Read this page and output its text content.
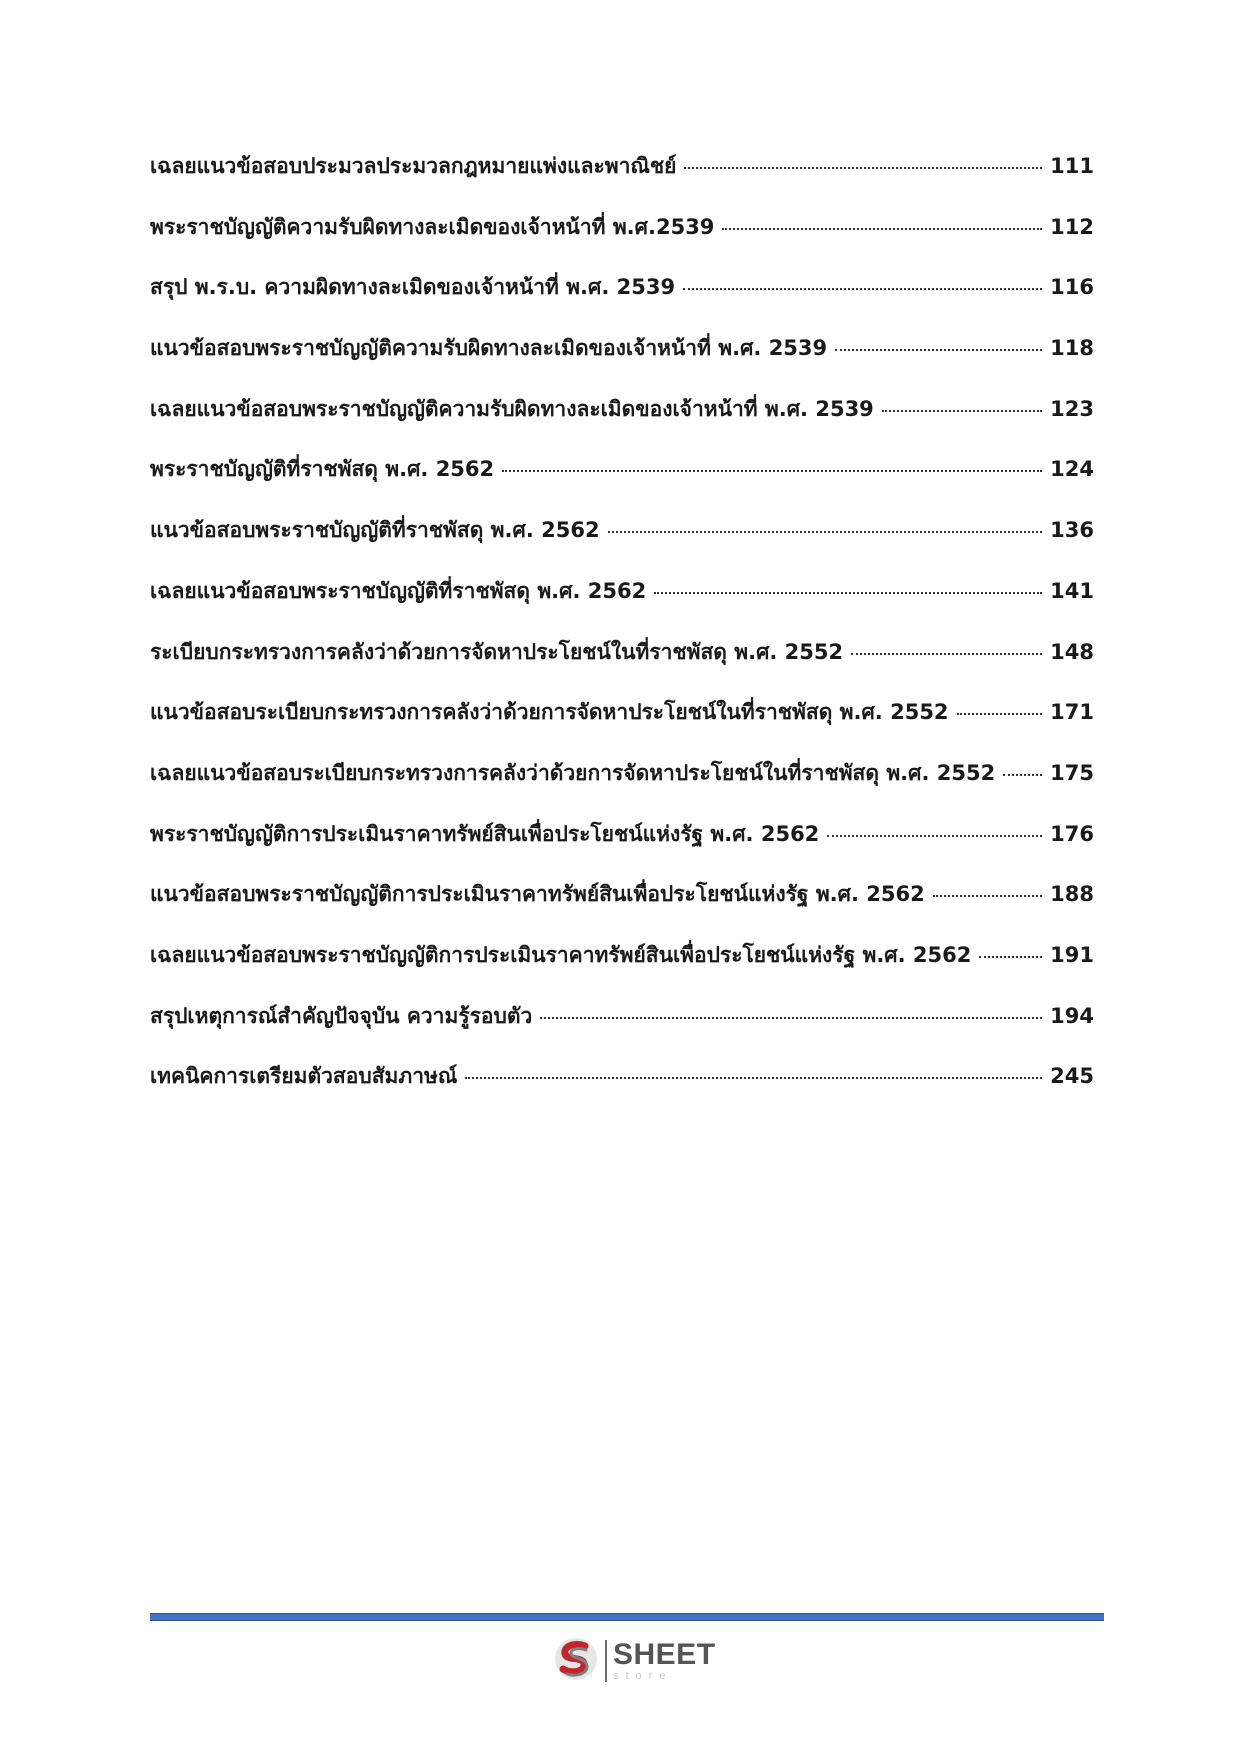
เฉลยแนวข้อสอบประมวลประมวลกฎหมายแพ่งและพาณิชย์	111
พระราชบัญญัติความรับผิดทางละเมิดของเจ้าหน้าที่ พ.ศ.2539	112
สรุป พ.ร.บ. ความผิดทางละเมิดของเจ้าหน้าที่ พ.ศ. 2539	116
แนวข้อสอบพระราชบัญญัติความรับผิดทางละเมิดของเจ้าหน้าที่ พ.ศ. 2539	118
เฉลยแนวข้อสอบพระราชบัญญัติความรับผิดทางละเมิดของเจ้าหน้าที่ พ.ศ. 2539	123
พระราชบัญญัติที่ราชพัสดุ พ.ศ. 2562	124
แนวข้อสอบพระราชบัญญัติที่ราชพัสดุ พ.ศ. 2562	136
เฉลยแนวข้อสอบพระราชบัญญัติที่ราชพัสดุ พ.ศ. 2562	141
ระเบียบกระทรวงการคลังว่าด้วยการจัดหาประโยชน์ในที่ราชพัสดุ พ.ศ. 2552	148
แนวข้อสอบระเบียบกระทรวงการคลังว่าด้วยการจัดหาประโยชน์ในที่ราชพัสดุ พ.ศ. 2552	171
เฉลยแนวข้อสอบระเบียบกระทรวงการคลังว่าด้วยการจัดหาประโยชน์ในที่ราชพัสดุ พ.ศ. 2552	175
พระราชบัญญัติการประเมินราคาทรัพย์สินเพื่อประโยชน์แห่งรัฐ พ.ศ. 2562	176
แนวข้อสอบพระราชบัญญัติการประเมินราคาทรัพย์สินเพื่อประโยชน์แห่งรัฐ พ.ศ. 2562	188
เฉลยแนวข้อสอบพระราชบัญญัติการประเมินราคาทรัพย์สินเพื่อประโยชน์แห่งรัฐ พ.ศ. 2562	191
สรุปเหตุการณ์สำคัญปัจจุบัน ความรู้รอบตัว	194
เทคนิคการเตรียมตัวสอบสัมภาษณ์	245
SHEET
store
